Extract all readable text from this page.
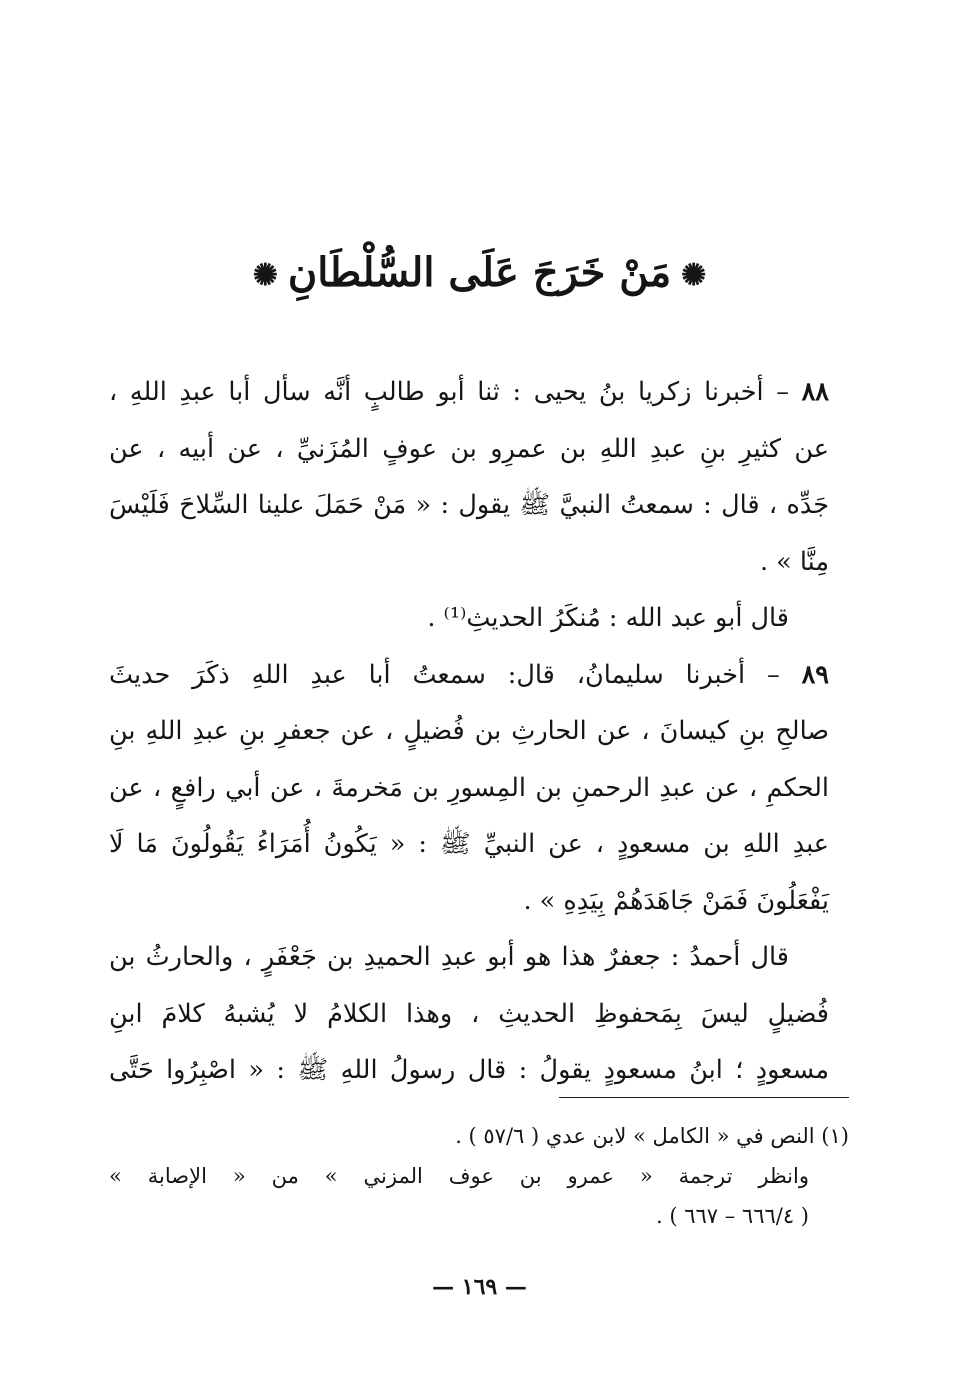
✺مَنْ خَرَجَ عَلَى السُّلْطَانِ✺
٨٨ – أخبرنا زكريا بنُ يحيى : ثنا أبو طالبٍ أنَّه سأل أبا عبدِ اللهِ ،
عن كثيرِ بنِ عبدِ اللهِ بن عمرِو بن عوفٍ المُزَنيِّ ، عن أبيه ، عن
جَدِّه ، قال : سمعتُ النبيَّ ﷺ يقول : « مَنْ حَمَلَ علينا السِّلاحَ فَلَيْسَ
مِنَّا » .
قال أبو عبد الله : مُنكَرُ الحديثِ⁽¹⁾ .
٨٩ – أخبرنا سليمانُ، قال: سمعتُ أبا عبدِ اللهِ ذكَرَ حديثَ
صالحِ بنِ كيسانَ ، عن الحارثِ بن فُضيلٍ ، عن جعفرِ بنِ عبدِ اللهِ بنِ
الحكمِ ، عن عبدِ الرحمنِ بن المِسورِ بن مَخرمةَ ، عن أبي رافعٍ ، عن
عبدِ اللهِ بن مسعودٍ ، عن النبيِّ ﷺ : « يَكُونُ أُمَرَاءُ يَقُولُونَ مَا لَا
يَفْعَلُونَ فَمَنْ جَاهَدَهُمْ بِيَدِهِ » .
قال أحمدُ : جعفرٌ هذا هو أبو عبدِ الحميدِ بن جَعْفَرٍ ، والحارثُ بن
فُضيلٍ ليسَ بِمَحفوظِ الحديثِ ، وهذا الكلامُ لا يُشبهُ كلامَ ابنِ
مسعودٍ ؛ ابنُ مسعودٍ يقولُ : قال رسولُ اللهِ ﷺ : « اصْبِرُوا حَتَّى
(١) النص في « الكامل » لابن عدي ( ٥٧/٦ ) .
وانظر ترجمة « عمرو بن عوف المزني » من « الإصابة »
( ٦٦٦/٤ – ٦٦٧ ) .
— ١٦٩ —
